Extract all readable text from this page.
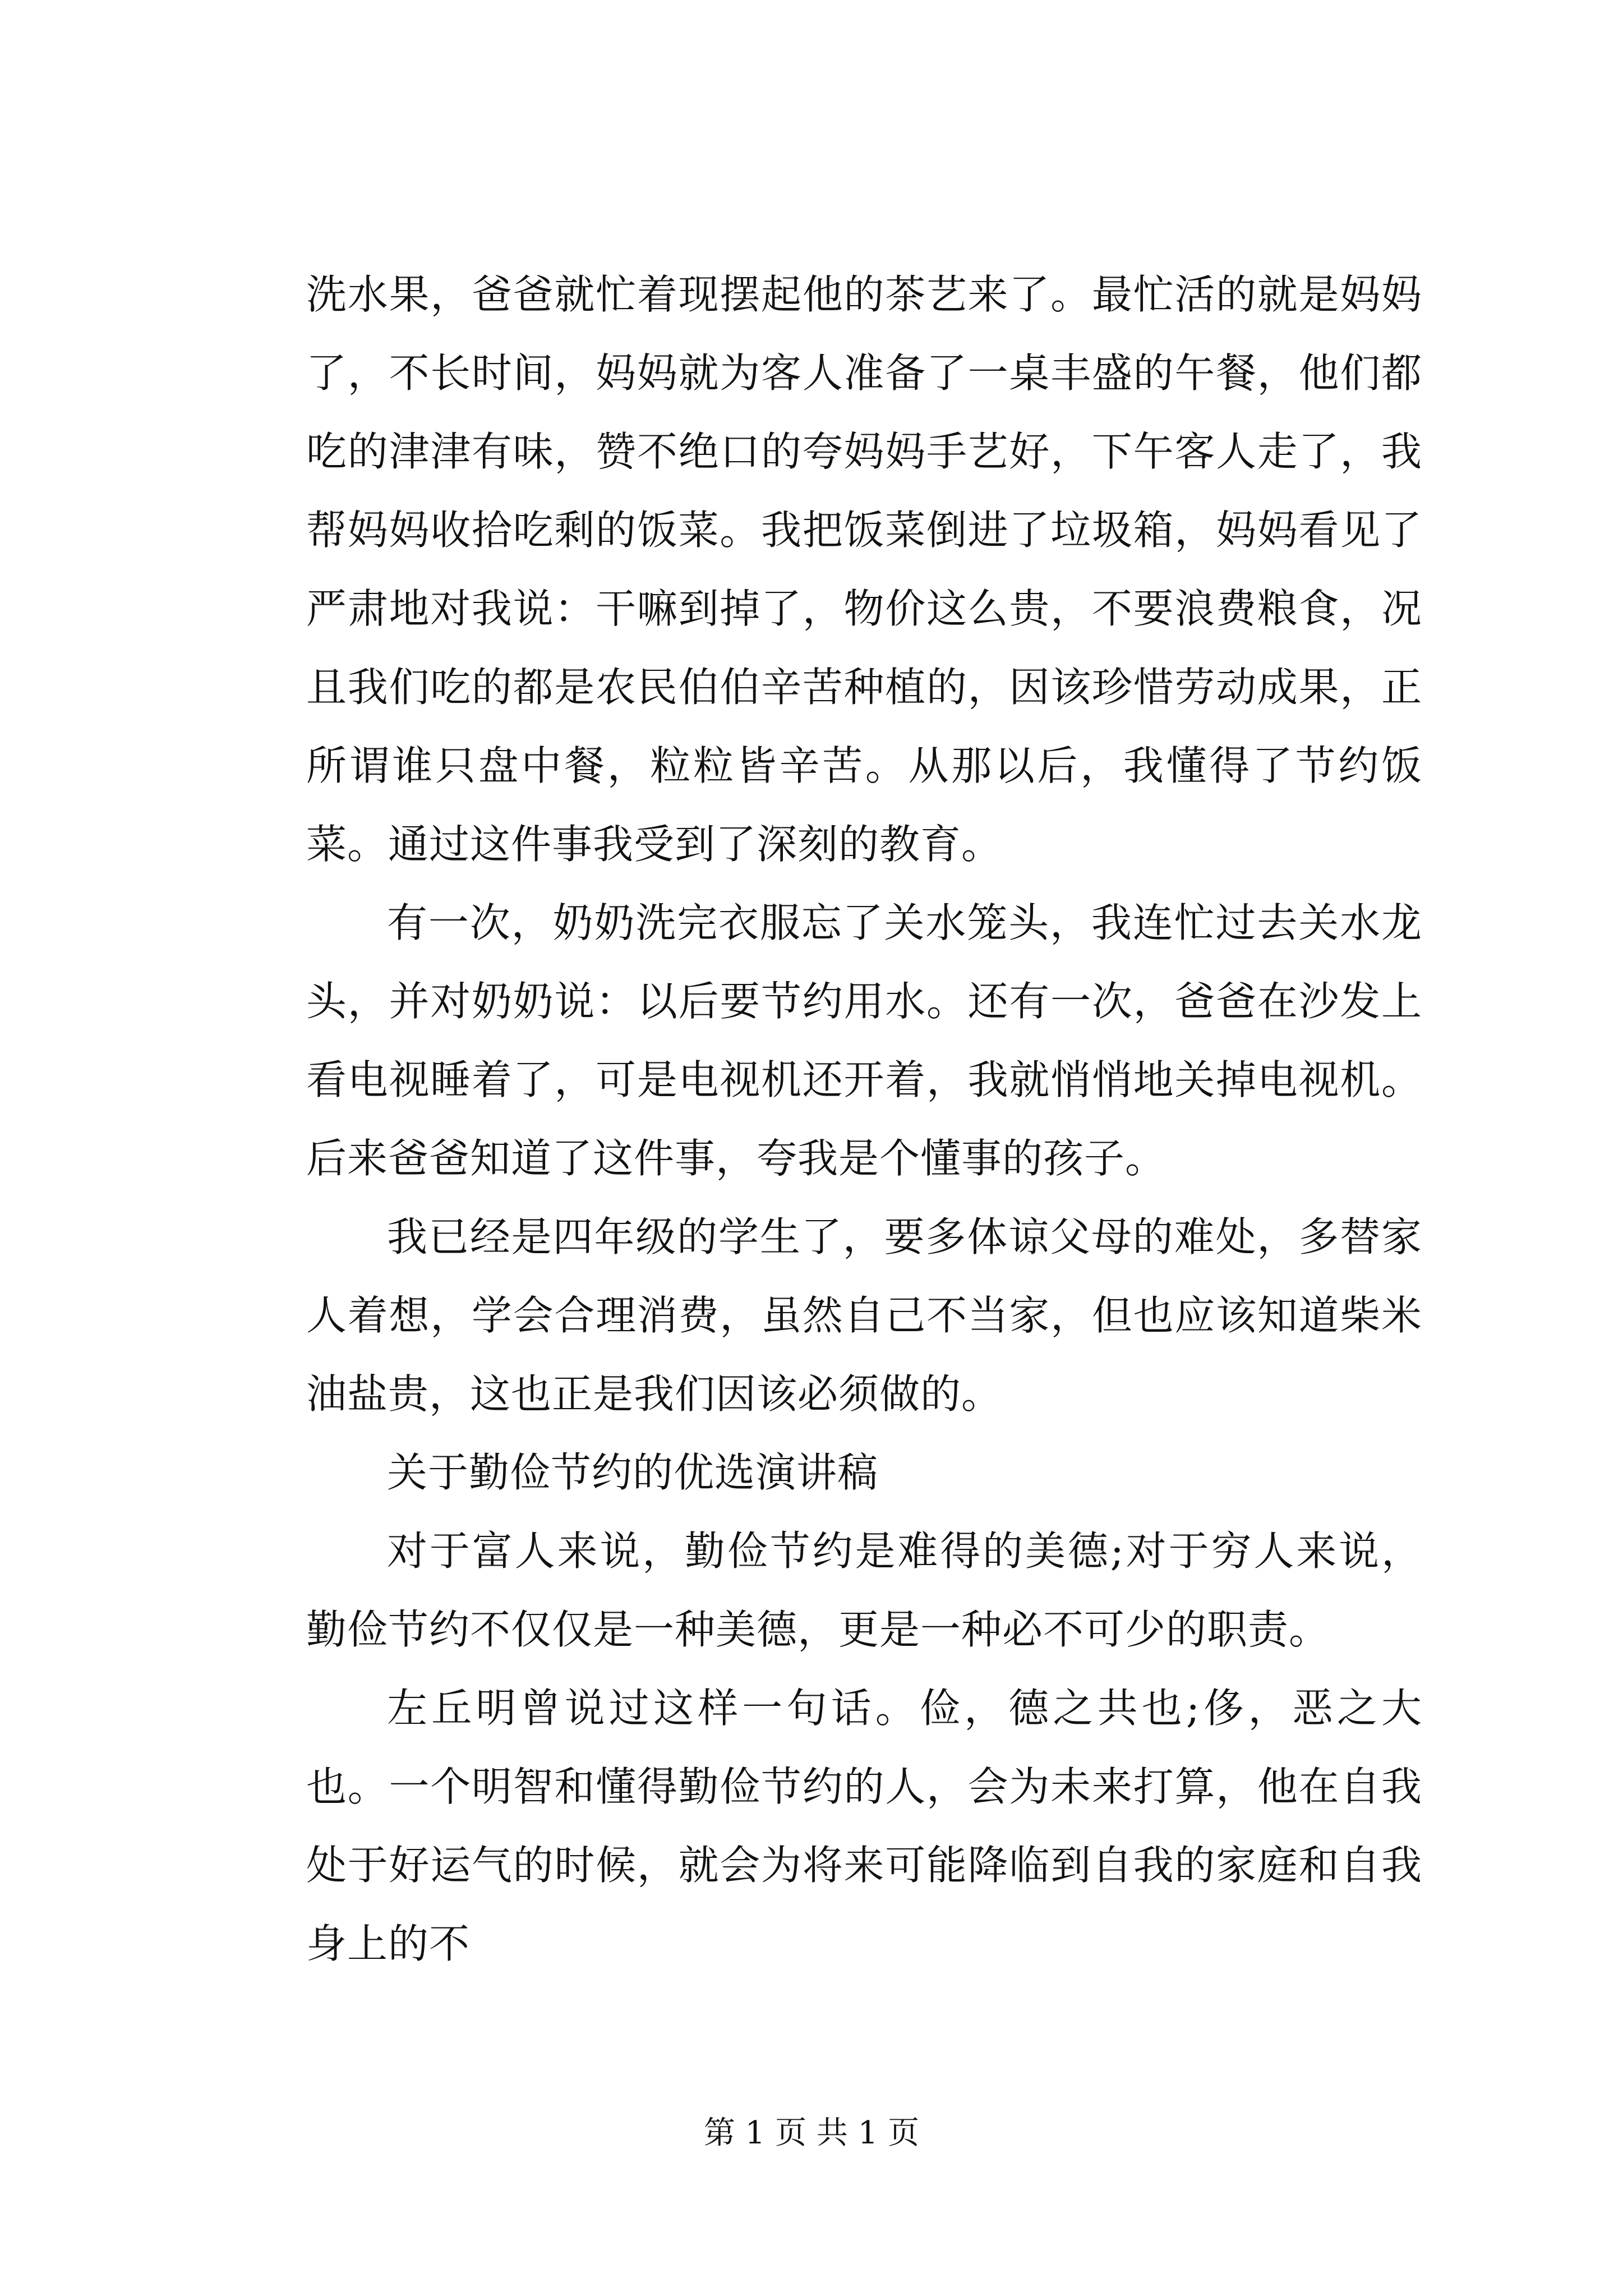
洗水果，爸爸就忙着现摆起他的茶艺来了。最忙活的就是妈妈了，不长时间，妈妈就为客人准备了一桌丰盛的午餐，他们都吃的津津有味，赞不绝口的夸妈妈手艺好，下午客人走了，我帮妈妈收拾吃剩的饭菜。我把饭菜倒进了垃圾箱，妈妈看见了严肃地对我说：干嘛到掉了，物价这么贵，不要浪费粮食，况且我们吃的都是农民伯伯辛苦种植的，因该珍惜劳动成果，正所谓谁只盘中餐，粒粒皆辛苦。从那以后，我懂得了节约饭菜。通过这件事我受到了深刻的教育。

有一次，奶奶洗完衣服忘了关水笼头，我连忙过去关水龙头，并对奶奶说：以后要节约用水。还有一次，爸爸在沙发上看电视睡着了，可是电视机还开着，我就悄悄地关掉电视机。后来爸爸知道了这件事，夸我是个懂事的孩子。

我已经是四年级的学生了，要多体谅父母的难处，多替家人着想，学会合理消费，虽然自己不当家，但也应该知道柴米油盐贵，这也正是我们因该必须做的。

关于勤俭节约的优选演讲稿

对于富人来说，勤俭节约是难得的美德;对于穷人来说，勤俭节约不仅仅是一种美德，更是一种必不可少的职责。

左丘明曾说过这样一句话。俭，德之共也;侈，恶之大也。一个明智和懂得勤俭节约的人，会为未来打算，他在自我处于好运气的时候，就会为将来可能降临到自我的家庭和自我身上的不

第 1 页 共 1 页
